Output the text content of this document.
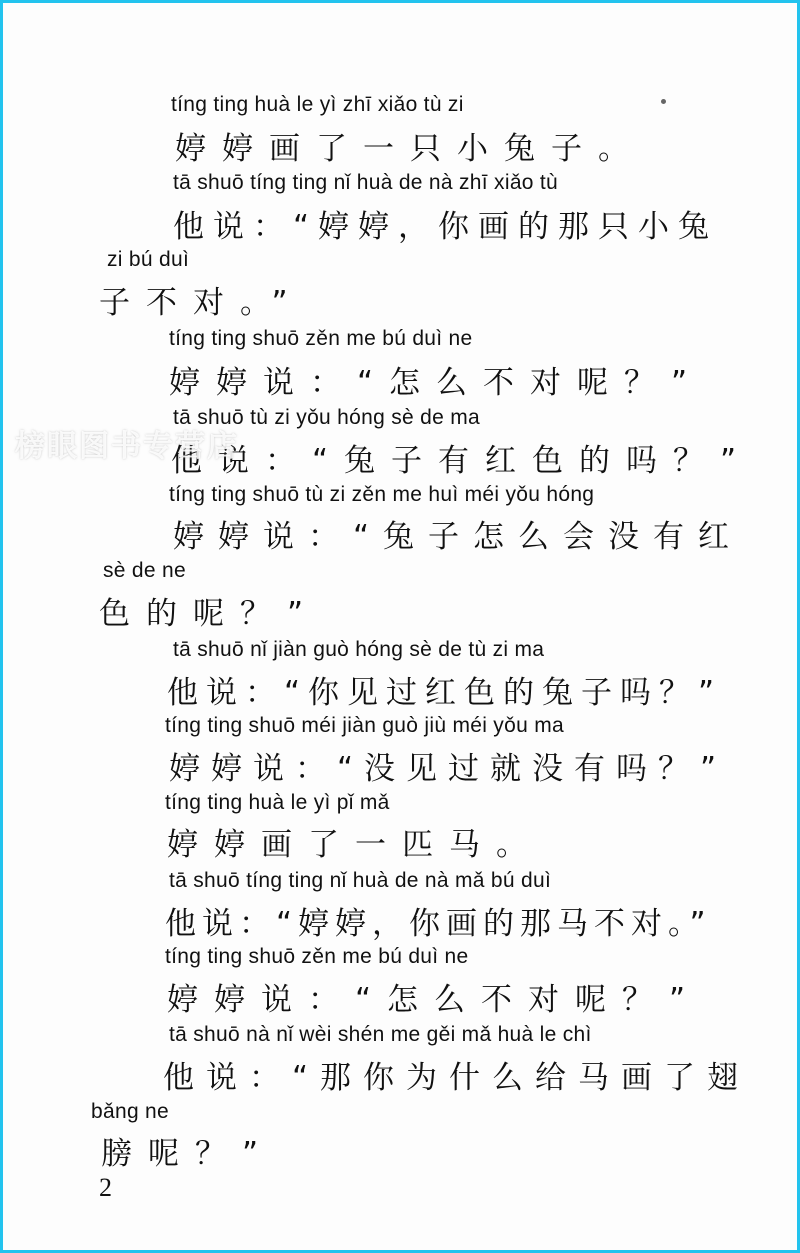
tíng ting huà le yì zhī xiǎo tù zi
婷婷画了一只小兔子。
tā shuō tíng ting nǐ huà de nà zhī xiǎo tù
他说：“婷婷，你画的那只小兔
zi bú duì
子不对。”
tíng ting shuō zěn me bú duì ne
婷婷说：“怎么不对呢？”
tā shuō tù zi yǒu hóng sè de ma
他说：“兔子有红色的吗？”
tíng ting shuō tù zi zěn me huì méi yǒu hóng
婷婷说：“兔子怎么会没有红
sè de ne
色的呢？”
tā shuō nǐ jiàn guò hóng sè de tù zi ma
他说：“你见过红色的兔子吗？”
tíng ting shuō méi jiàn guò jiù méi yǒu ma
婷婷说：“没见过就没有吗？”
tíng ting huà le yì pǐ mǎ
婷婷画了一匹马。
tā shuō tíng ting nǐ huà de nà mǎ bú duì
他说：“婷婷，你画的那马不对。”
tíng ting shuō zěn me bú duì ne
婷婷说：“怎么不对呢？”
tā shuō nà nǐ wèi shén me gěi mǎ huà le chì
他说：“那你为什么给马画了翅
bǎng ne
膀呢？”
2
榜眼图书专营店
